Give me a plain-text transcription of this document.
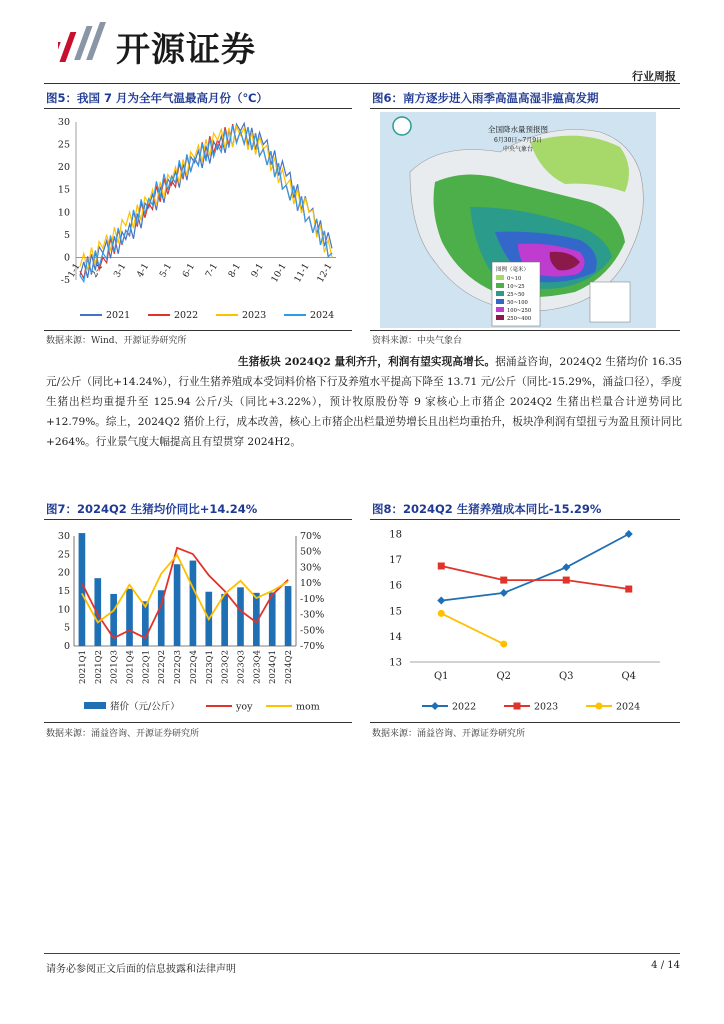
开源证券
行业周报
图5：我国 7 月为全年气温最高月份（℃）
-5
0
5
10
15
20
25
30
1-1 2-1 3-1 4-1 5-1 6-1 7-1 8-1 9-1 10-1 11-1 12-1
2021	2022	2023	2024
数据来源：Wind、开源证券研究所
图6：南方逐步进入雨季高温高湿非瘟高发期
全国降水量预报图
6月30日~7月9日
中央气象台
图例（毫米）
0~10
10~25
25~50
50~100
100~250
250~400
资料来源：中央气象台
生猪板块 2024Q2 量利齐升，利润有望实现高增长。据涌益咨询，2024Q2 生猪均价 16.35 元/公斤（同比+14.24%），行业生猪养殖成本受饲料价格下行及养殖水平提高下降至 13.71 元/公斤（同比-15.29%，涌益口径），季度生猪出栏均重提升至 125.94 公斤/头（同比+3.22%），预计牧原股份等 9 家核心上市猪企 2024Q2 生猪出栏量合计逆势同比+12.79%。综上，2024Q2 猪价上行，成本改善，核心上市猪企出栏量逆势增长且出栏均重抬升，板块净利润有望扭亏为盈且预计同比+264%。行业景气度大幅提高且有望贯穿 2024H2。
图7：2024Q2 生猪均价同比+14.24%
0
5
10
15
20
25
30
-70%
-50%
-30%
-10%
10%
30%
50%
70%
2021Q1 2021Q2 2021Q3 2021Q4 2022Q1 2022Q2 2022Q3 2022Q4 2023Q1 2023Q2 2023Q3 2023Q4 2024Q1 2024Q2
猪价（元/公斤）	yoy	mom
数据来源：涌益咨询、开源证券研究所
图8：2024Q2 生猪养殖成本同比-15.29%
13
14
15
16
17
18
Q1	Q2	Q3	Q4
2022	2023	2024
数据来源：涌益咨询、开源证券研究所
请务必参阅正文后面的信息披露和法律声明	4 / 14
